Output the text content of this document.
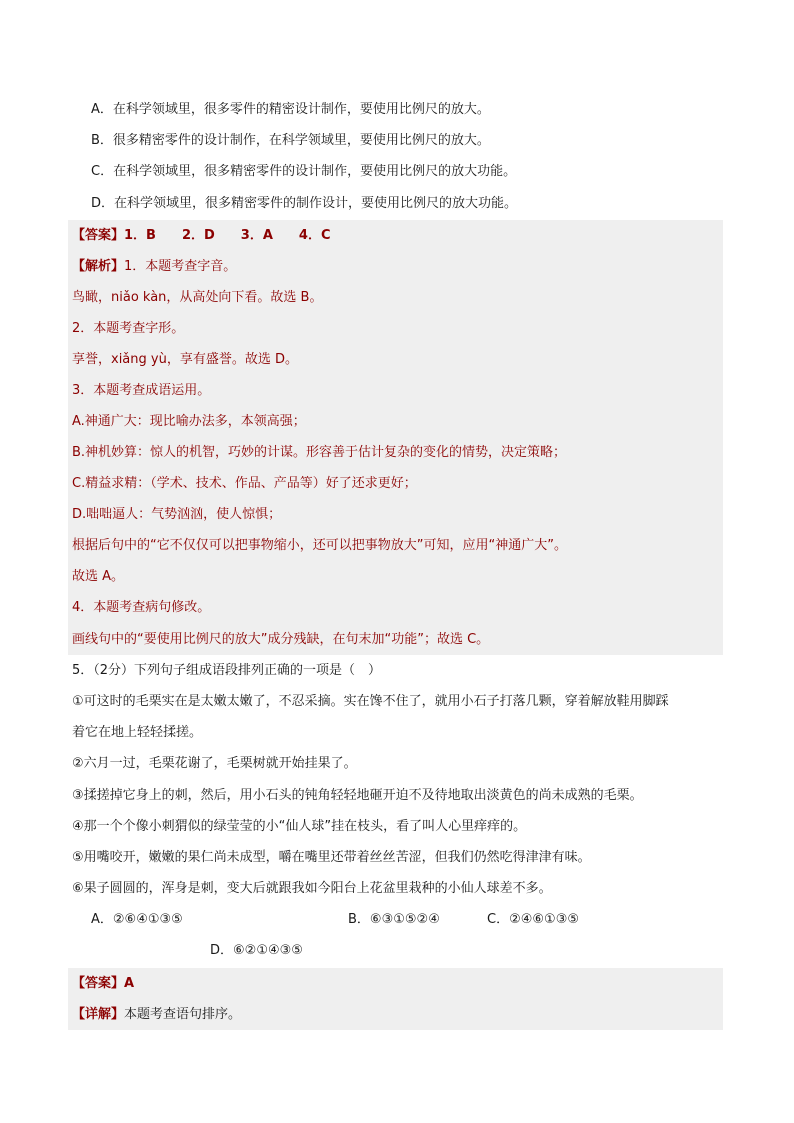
A．在科学领域里，很多零件的精密设计制作，要使用比例尺的放大。
B．很多精密零件的设计制作，在科学领域里，要使用比例尺的放大。
C．在科学领域里，很多精密零件的设计制作，要使用比例尺的放大功能。
D．在科学领域里，很多精密零件的制作设计，要使用比例尺的放大功能。
【答案】1．B　　2．D　　3．A　　4．C
【解析】1．本题考查字音。
鸟瞰，niǎo kàn，从高处向下看。故选 B。
2．本题考查字形。
享誉，xiǎng yù，享有盛誉。故选 D。
3．本题考查成语运用。
A.神通广大：现比喻办法多，本领高强；
B.神机妙算：惊人的机智，巧妙的计谋。形容善于估计复杂的变化的情势，决定策略；
C.精益求精：（学术、技术、作品、产品等）好了还求更好；
D.咄咄逼人：气势汹汹，使人惊惧；
根据后句中的“它不仅仅可以把事物缩小，还可以把事物放大”可知，应用“神通广大”。
故选 A。
4．本题考查病句修改。
画线句中的“要使用比例尺的放大”成分残缺，在句末加“功能”；故选 C。
5．（2分）下列句子组成语段排列正确的一项是（　）
①可这时的毛栗实在是太嫩太嫩了，不忍采摘。实在馋不住了，就用小石子打落几颗，穿着解放鞋用脚踩
着它在地上轻轻揉搓。
②六月一过，毛栗花谢了，毛栗树就开始挂果了。
③揉搓掉它身上的刺，然后，用小石头的钝角轻轻地砸开迫不及待地取出淡黄色的尚未成熟的毛栗。
④那一个个像小刺猬似的绿莹莹的小“仙人球”挂在枝头，看了叫人心里痒痒的。
⑤用嘴咬开，嫩嫩的果仁尚未成型，嚼在嘴里还带着丝丝苦涩，但我们仍然吃得津津有味。
⑥果子圆圆的，浑身是刺，变大后就跟我如今阳台上花盆里栽种的小仙人球差不多。
A．②⑥④①③⑤	B．⑥③①⑤②④	C．②④⑥①③⑤
D．⑥②①④③⑤
【答案】A
【详解】本题考查语句排序。
